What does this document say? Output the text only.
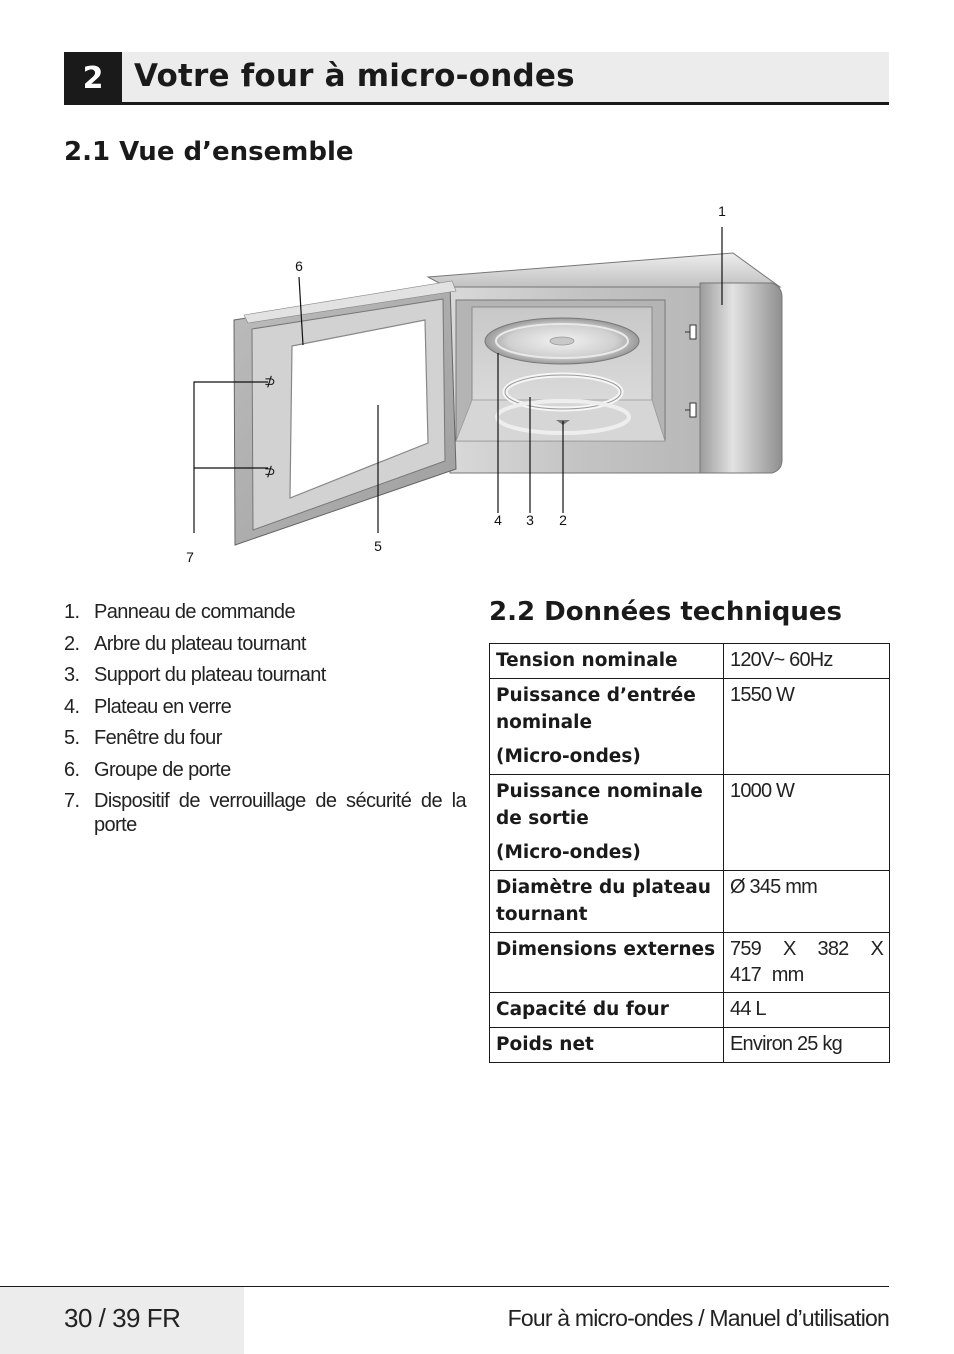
2 Votre four à micro-ondes
2.1 Vue d’ensemble
⊅
⊅
1
2
3
4
5
6
7
1. Panneau de commande
2. Arbre du plateau tournant
3. Support du plateau tournant
4. Plateau en verre
5. Fenêtre du four
6. Groupe de porte
7. Dispositif de verrouillage de sécurité de la porte
2.2 Données techniques
Tension nominale	120V~ 60Hz
Puissance d’entrée nominale
(Micro-ondes)	1550 W
Puissance nominale de sortie
(Micro-ondes)	1000 W
Diamètre du plateau tournant	Ø 345 mm
Dimensions externes	759 X 382 X 417 mm
Capacité du four	44 L
Poids net	Environ 25 kg
30 / 39 FR	Four à micro-ondes / Manuel d’utilisation
